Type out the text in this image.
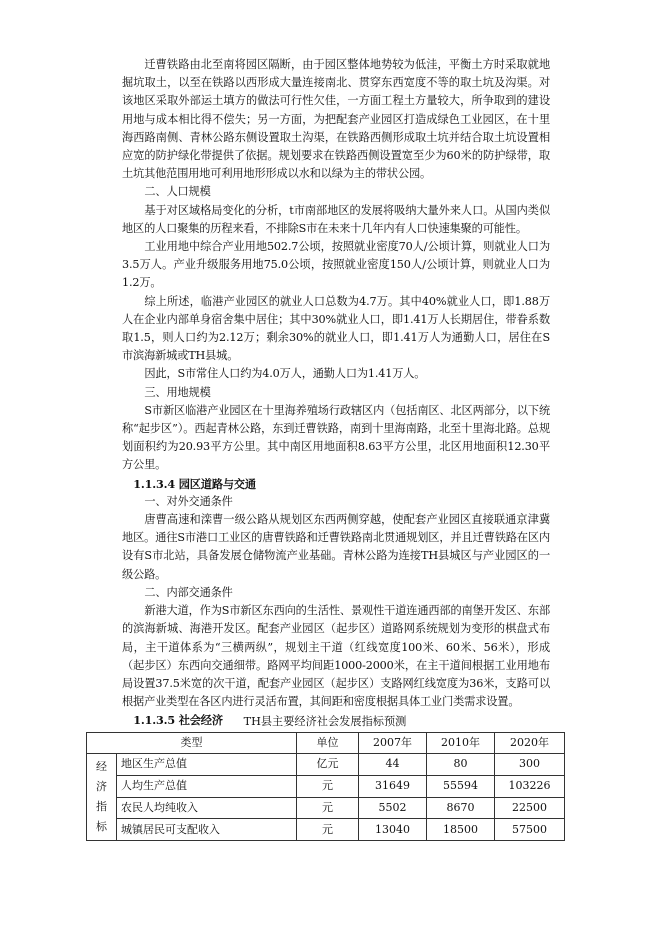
迁曹铁路由北至南将园区隔断，由于园区整体地势较为低洼，平衡土方时采取就地掘坑取土，以至在铁路以西形成大量连接南北、贯穿东西宽度不等的取土坑及沟渠。对该地区采取外部运土填方的做法可行性欠佳，一方面工程土方量较大，所争取到的建设用地与成本相比得不偿失；另一方面，为把配套产业园区打造成绿色工业园区，在十里海西路南侧、青林公路东侧设置取土沟渠，在铁路西侧形成取土坑并结合取土坑设置相应宽的防护绿化带提供了依据。规划要求在铁路西侧设置宽至少为60米的防护绿带，取土坑其他范围用地可利用地形形成以水和以绿为主的带状公园。

二、人口规模

基于对区域格局变化的分析，t市南部地区的发展将吸纳大量外来人口。从国内类似地区的人口聚集的历程来看，不排除S市在未来十几年内有人口快速集聚的可能性。

工业用地中综合产业用地502.7公顷，按照就业密度70人/公顷计算，则就业人口为3.5万人。产业升级服务用地75.0公顷，按照就业密度150人/公顷计算，则就业人口为1.2万。

综上所述，临港产业园区的就业人口总数为4.7万。其中40%就业人口，即1.88万人在企业内部单身宿舍集中居住；其中30%就业人口，即1.41万人长期居住，带眷系数取1.5，则人口约为2.12万；剩余30%的就业人口，即1.41万人为通勤人口，居住在S市滨海新城或TH县城。

因此，S市常住人口约为4.0万人，通勤人口为1.41万人。

三、用地规模

S市新区临港产业园区在十里海养殖场行政辖区内（包括南区、北区两部分，以下统称“起步区”）。西起青林公路，东到迁曹铁路，南到十里海南路，北至十里海北路。总规划面积约为20.93平方公里。其中南区用地面积8.63平方公里，北区用地面积12.30平方公里。

1.1.3.4 园区道路与交通

一、对外交通条件

唐曹高速和滦曹一级公路从规划区东西两侧穿越，使配套产业园区直接联通京津冀地区。通往S市港口工业区的唐曹铁路和迁曹铁路南北贯通规划区，并且迁曹铁路在区内设有S市北站，具备发展仓储物流产业基础。青林公路为连接TH县城区与产业园区的一级公路。

二、内部交通条件

新港大道，作为S市新区东西向的生活性、景观性干道连通西部的南堡开发区、东部的滨海新城、海港开发区。配套产业园区（起步区）道路网系统规划为变形的棋盘式布局，主干道体系为“三横两纵”，规划主干道（红线宽度100米、60米、56米），形成（起步区）东西向交通细带。路网平均间距1000-2000米，在主干道间根据工业用地布局设置37.5米宽的次干道，配套产业园区（起步区）支路网红线宽度为36米，支路可以根据产业类型在各区内进行灵活布置，其间距和密度根据具体工业门类需求设置。

1.1.3.5 社会经济	TH县主要经济社会发展指标预测
类型		单位	2007年	2010年	2020年
经济指标	地区生产总值	亿元	44	80	300
	人均生产总值	元	31649	55594	103226
	农民人均纯收入	元	5502	8670	22500
	城镇居民可支配收入	元	13040	18500	57500
